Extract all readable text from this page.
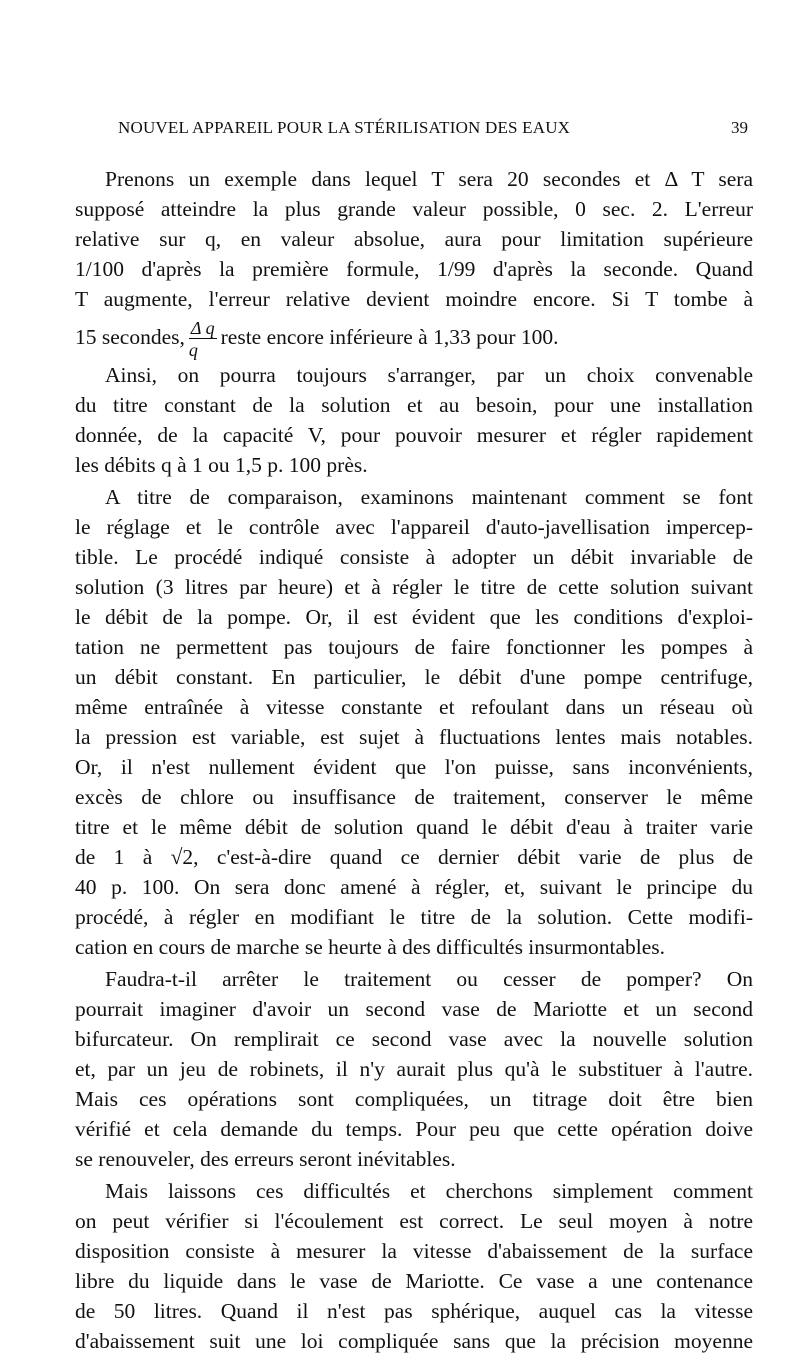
NOUVEL APPAREIL POUR LA STÉRILISATION DES EAUX	39
Prenons un exemple dans lequel T sera 20 secondes et Δ T sera
supposé atteindre la plus grande valeur possible, 0 sec. 2. L'erreur
relative sur q, en valeur absolue, aura pour limitation supérieure
1/100 d'après la première formule, 1/99 d'après la seconde. Quand
T augmente, l'erreur relative devient moindre encore. Si T tombe à
15 secondes, $\frac{\text{Δ q}}{q}$ reste encore inférieure à 1,33 pour 100.
Ainsi, on pourra toujours s'arranger, par un choix convenable
du titre constant de la solution et au besoin, pour une installation
donnée, de la capacité V, pour pouvoir mesurer et régler rapidement
les débits q à 1 ou 1,5 p. 100 près.
A titre de comparaison, examinons maintenant comment se font
le réglage et le contrôle avec l'appareil d'auto-javellisation impercep-
tible. Le procédé indiqué consiste à adopter un débit invariable de
solution (3 litres par heure) et à régler le titre de cette solution suivant
le débit de la pompe. Or, il est évident que les conditions d'exploi-
tation ne permettent pas toujours de faire fonctionner les pompes à
un débit constant. En particulier, le débit d'une pompe centrifuge,
même entraînée à vitesse constante et refoulant dans un réseau où
la pression est variable, est sujet à fluctuations lentes mais notables.
Or, il n'est nullement évident que l'on puisse, sans inconvénients,
excès de chlore ou insuffisance de traitement, conserver le même
titre et le même débit de solution quand le débit d'eau à traiter varie
de 1 à √2, c'est-à-dire quand ce dernier débit varie de plus de
40 p. 100. On sera donc amené à régler, et, suivant le principe du
procédé, à régler en modifiant le titre de la solution. Cette modifi-
cation en cours de marche se heurte à des difficultés insurmontables.
Faudra-t-il arrêter le traitement ou cesser de pomper? On
pourrait imaginer d'avoir un second vase de Mariotte et un second
bifurcateur. On remplirait ce second vase avec la nouvelle solution
et, par un jeu de robinets, il n'y aurait plus qu'à le substituer à l'autre.
Mais ces opérations sont compliquées, un titrage doit être bien
vérifié et cela demande du temps. Pour peu que cette opération doive
se renouveler, des erreurs seront inévitables.
Mais laissons ces difficultés et cherchons simplement comment
on peut vérifier si l'écoulement est correct. Le seul moyen à notre
disposition consiste à mesurer la vitesse d'abaissement de la surface
libre du liquide dans le vase de Mariotte. Ce vase a une contenance
de 50 litres. Quand il n'est pas sphérique, auquel cas la vitesse
d'abaissement suit une loi compliquée sans que la précision moyenne
